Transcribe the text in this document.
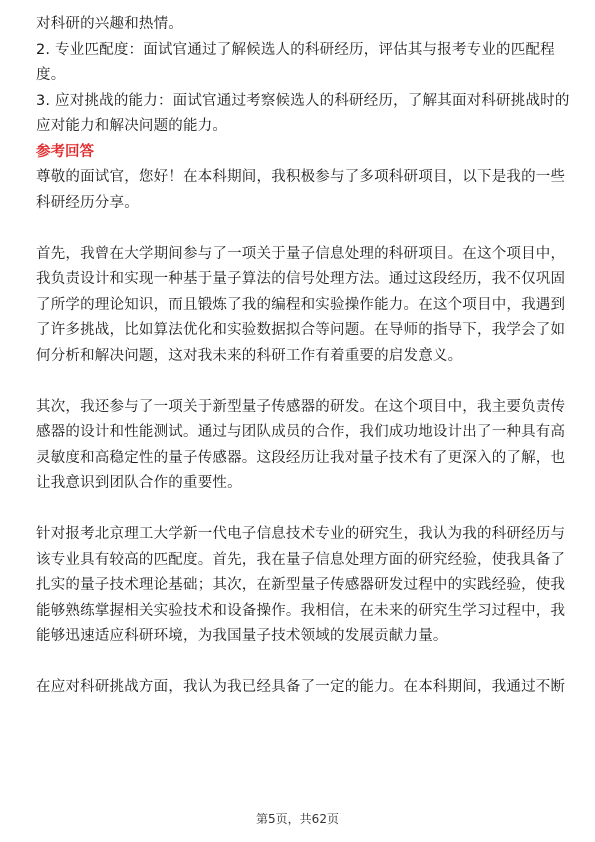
对科研的兴趣和热情。
2. 专业匹配度：面试官通过了解候选人的科研经历，评估其与报考专业的匹配程
度。
3. 应对挑战的能力：面试官通过考察候选人的科研经历，了解其面对科研挑战时的
应对能力和解决问题的能力。
参考回答
尊敬的面试官，您好！在本科期间，我积极参与了多项科研项目，以下是我的一些
科研经历分享。
首先，我曾在大学期间参与了一项关于量子信息处理的科研项目。在这个项目中，
我负责设计和实现一种基于量子算法的信号处理方法。通过这段经历，我不仅巩固
了所学的理论知识，而且锻炼了我的编程和实验操作能力。在这个项目中，我遇到
了许多挑战，比如算法优化和实验数据拟合等问题。在导师的指导下，我学会了如
何分析和解决问题，这对我未来的科研工作有着重要的启发意义。
其次，我还参与了一项关于新型量子传感器的研发。在这个项目中，我主要负责传
感器的设计和性能测试。通过与团队成员的合作，我们成功地设计出了一种具有高
灵敏度和高稳定性的量子传感器。这段经历让我对量子技术有了更深入的了解，也
让我意识到团队合作的重要性。
针对报考北京理工大学新一代电子信息技术专业的研究生，我认为我的科研经历与
该专业具有较高的匹配度。首先，我在量子信息处理方面的研究经验，使我具备了
扎实的量子技术理论基础；其次，在新型量子传感器研发过程中的实践经验，使我
能够熟练掌握相关实验技术和设备操作。我相信，在未来的研究生学习过程中，我
能够迅速适应科研环境，为我国量子技术领域的发展贡献力量。
在应对科研挑战方面，我认为我已经具备了一定的能力。在本科期间，我通过不断
第5页，共62页
